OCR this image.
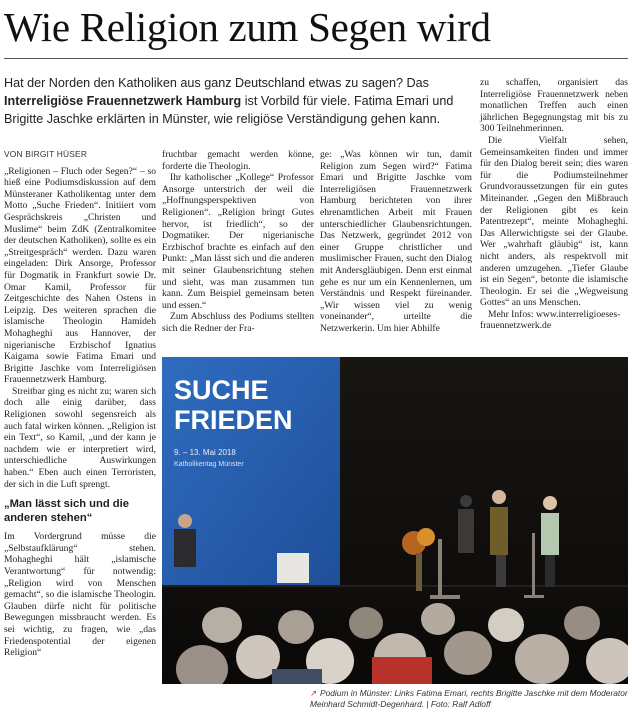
Wie Religion zum Segen wird
Hat der Norden den Katholiken aus ganz Deutschland etwas zu sagen? Das Interreligiöse Frauennetzwerk Hamburg ist Vorbild für viele. Fatima Emari und Brigitte Jaschke erklärten in Münster, wie religiöse Verständigung gehen kann.

VON BIRGIT HÜSER

„Religionen – Fluch oder Segen?“ – so hieß eine Podiumsdiskussion auf dem Münsteraner Katholikentag unter dem Motto „Suche Frieden“. Initiiert vom Gesprächskreis „Christen und Muslime“ beim ZdK (Zentralkomitee der deutschen Katholiken), sollte es ein „Streitgespräch“ werden. Dazu waren eingeladen: Dirk Ansorge, Professor für Dogmatik in Frankfurt sowie Dr. Omar Kamil, Professor für Zeitgeschichte des Nahen Ostens in Leipzig. Des weiteren sprachen die islamische Theologin Hamideh Mohagheghi aus Hannover, der nigerianische Erzbischof Ignatius Kaigama sowie Fatima Emari und Brigitte Jaschke vom Interreligiösen Frauennetzwerk Hamburg.

Streitbar ging es nicht zu; waren sich doch alle einig darüber, dass Religionen sowohl segensreich als auch fatal wirken können. „Religion ist ein Text“, so Kamil, „und der kann je nachdem wie er interpretiert wird, unterschiedliche Auswirkungen haben.“ Eben auch einen Terroristen, der sich in die Luft sprengt.

„Man lässt sich und die anderen stehen“

Im Vordergrund müsse die „Selbstaufklärung“ stehen. Mohagheghi hält „islamische Verantwortung“ für notwendig: „Religion wird von Menschen gemacht“, so die islamische Theologin. Glauben dürfe nicht für politische Bewegungen missbraucht werden. Es sei wichtig, zu fragen, wie „das Friedenspotential der eigenen Religion“

fruchtbar gemacht werden könne, forderte die Theologin.

Ihr katholischer „Kollege“ Professor Ansorge unterstrich der weil die „Hoffnungsperspektiven von Religionen“. „Religion bringt Gutes hervor, ist friedlich“, so der Dogmatiker. Der nigerianische Erzbischof brachte es einfach auf den Punkt: „Man lässt sich und die anderen mit seiner Glaubensrichtung stehen und sieht, was man zusammen tun kann. Zum Beispiel gemeinsam beten und essen.“

Zum Abschluss des Podiums stellten sich die Redner der Fra-

ge: „Was können wir tun, damit Religion zum Segen wird?“ Fatima Emari und Brigitte Jaschke vom Interreligiösen Frauennetzwerk Hamburg berichteten von ihrer ehrenamtlichen Arbeit mit Frauen unterschiedlicher Glaubensrichtungen. Das Netzwerk, gegründet 2012 von einer Gruppe christlicher und muslimischer Frauen, sucht den Dialog mit Andersgläubigen. Denn erst einmal gehe es nur um ein Kennenlernen, um Verständnis und Respekt füreinander. „Wir wissen viel zu wenig voneinander“, urteilte die Netzwerkerin. Um hier Abhilfe

zu schaffen, organisiert das Interreligiöse Frauennetzwerk neben monatlichen Treffen auch einen jährlichen Begegnungstag mit bis zu 300 Teilnehmerinnen.

Die Vielfalt sehen, Gemeinsamkeiten finden und immer für den Dialog bereit sein; dies waren für die Podiumsteilnehmer Grundvoraussetzungen für ein gutes Miteinander. „Gegen den Mißbrauch der Religionen gibt es kein Patentrezept“, meinte Mohagheghi. Das Allerwichtigste sei der Glaube. Wer „wahrhaft gläubig“ ist, kann nicht anders, als respektvoll mit anderen umzugehen. „Tiefer Glaube ist ein Segen“, betonte die islamische Theologin. Er sei die „Wegweisung Gottes“ an uns Menschen.

Mehr Infos: www.interreligioeses-frauennetzwerk.de

SUCHE
FRIEDEN
9. – 13. Mai 2018
Katholikentag Münster
↗ Podium in Münster: Links Fatima Emari, rechts Brigitte Jaschke mit dem Moderator Meinhard Schmidt-Degenhard. | Foto: Ralf Adloff
